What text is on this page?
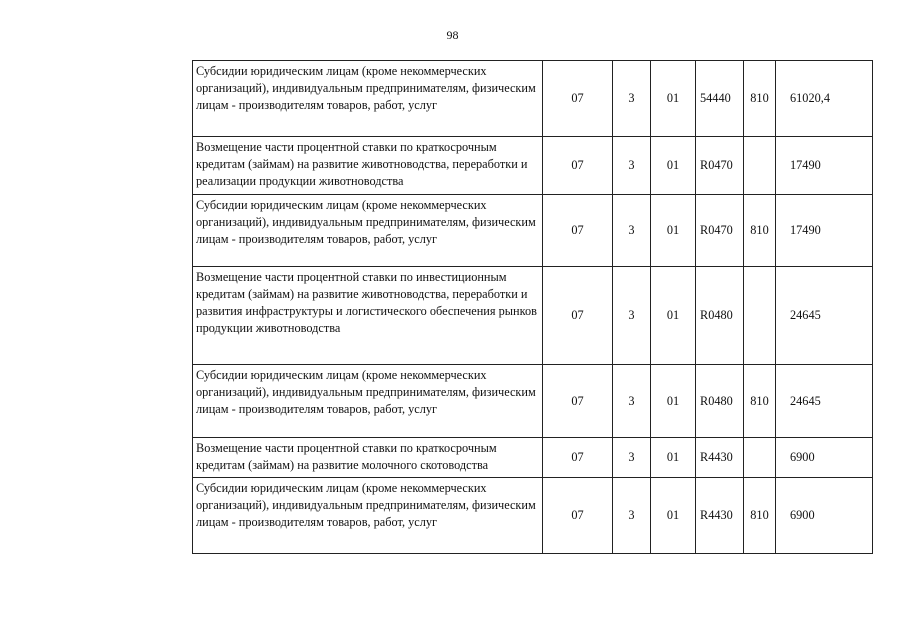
98
Субсидии юридическим лицам (кроме некоммерческих организаций), индивидуальным предпринимателям, физическим лицам - производителям товаров, работ, услуг	07	3	01	54440	810	61020,4
Возмещение части процентной ставки по краткосрочным кредитам (займам) на развитие животноводства, переработки и реализации продукции животноводства	07	3	01	R0470		17490
Субсидии юридическим лицам (кроме некоммерческих организаций), индивидуальным предпринимателям, физическим лицам - производителям товаров, работ, услуг	07	3	01	R0470	810	17490
Возмещение части процентной ставки по инвестиционным кредитам (займам) на развитие животноводства, переработки и развития инфраструктуры и логистического обеспечения рынков продукции животноводства	07	3	01	R0480		24645
Субсидии юридическим лицам (кроме некоммерческих организаций), индивидуальным предпринимателям, физическим лицам - производителям товаров, работ, услуг	07	3	01	R0480	810	24645
Возмещение части процентной ставки по краткосрочным кредитам (займам) на развитие молочного скотоводства	07	3	01	R4430		6900
Субсидии юридическим лицам (кроме некоммерческих организаций), индивидуальным предпринимателям, физическим лицам - производителям товаров, работ, услуг	07	3	01	R4430	810	6900
